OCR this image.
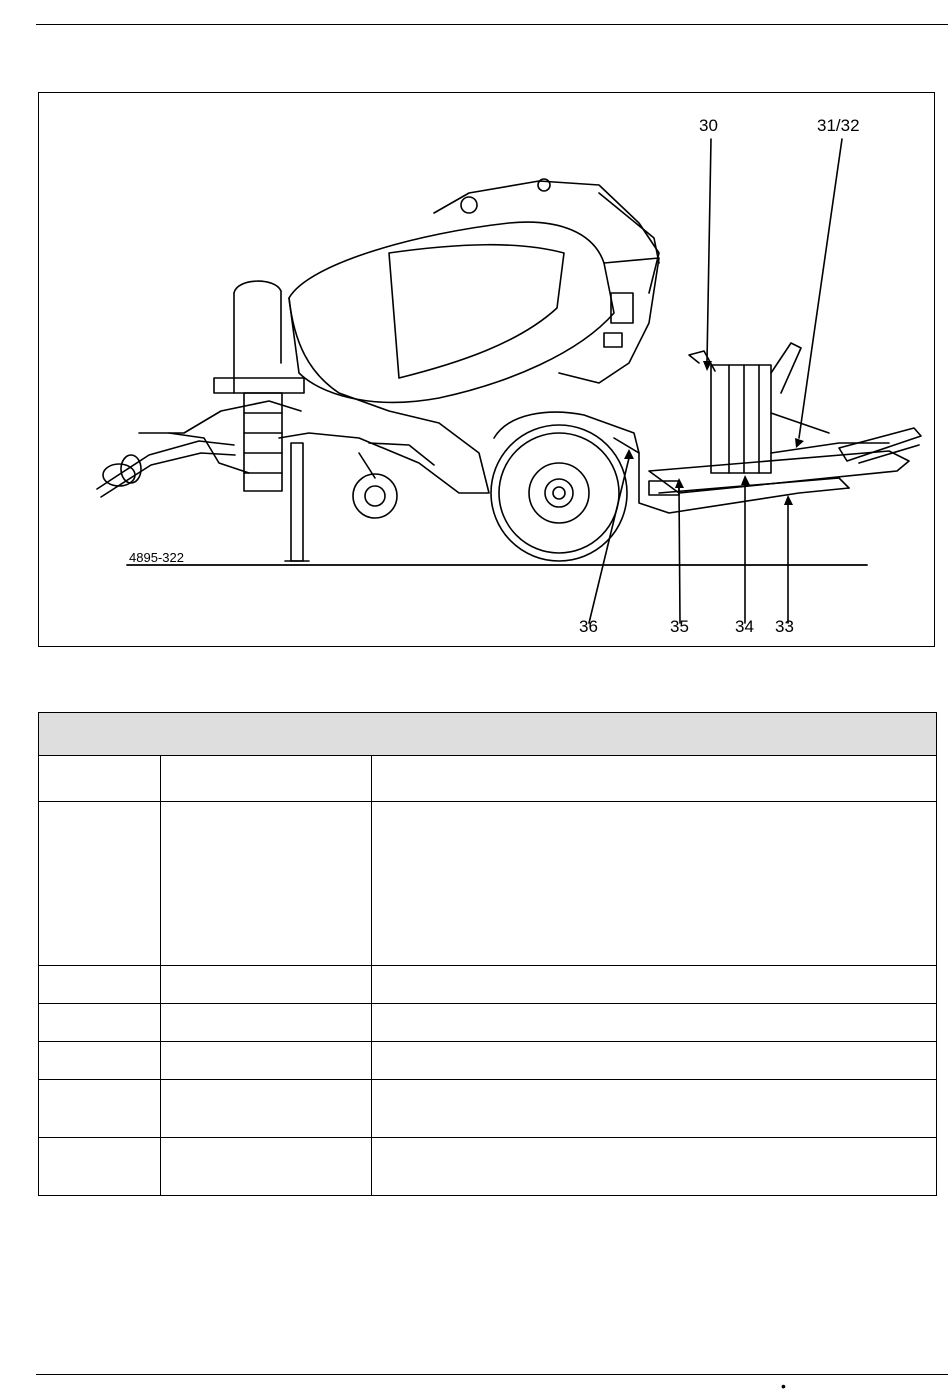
30	31/32
4895-322
36	35	34 33

•
